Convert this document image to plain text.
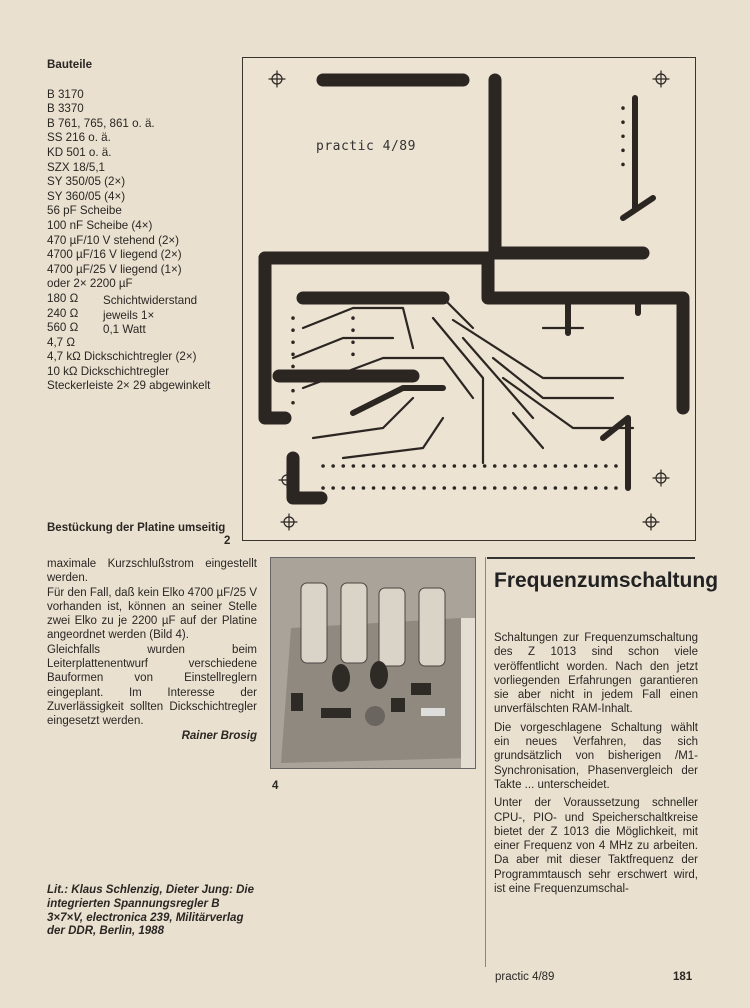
Bauteile
B 3170
B 3370
B 761, 765, 861 o. ä.
SS 216 o. ä.
KD 501 o. ä.
SZX 18/5,1
SY 350/05 (2×)
SY 360/05 (4×)
56 pF Scheibe
100 nF Scheibe (4×)
470 µF/10 V stehend (2×)
4700 µF/16 V liegend (2×)
4700 µF/25 V liegend (1×)
oder 2× 2200 µF
180 Ω
240 Ω
560 Ω
4,7 Ω
Schichtwiderstand
jeweils 1×
0,1 Watt
4,7 kΩ Dickschichtregler (2×)
10 kΩ Dickschichtregler
Steckerleiste 2× 29 abgewinkelt
practic 4/89
Bestückung der Platine umseitig
2
maximale Kurzschlußstrom eingestellt werden.
Für den Fall, daß kein Elko 4700 µF/25 V vorhanden ist, können an seiner Stelle zwei Elko zu je 2200 µF auf der Platine angeordnet werden (Bild 4).
Gleichfalls wurden beim Leiterplattenentwurf verschiedene Bauformen von Einstellreglern eingeplant. Im Interesse der Zuverlässigkeit sollten Dickschichtregler eingesetzt werden.
Rainer Brosig
4
Frequenzumschaltung

Schaltungen zur Frequenzumschaltung des Z 1013 sind schon viele veröffentlicht worden. Nach den jetzt vorliegenden Erfahrungen garantieren sie aber nicht in jedem Fall einen unverfälschten RAM-Inhalt.

Die vorgeschlagene Schaltung wählt ein neues Verfahren, das sich grundsätzlich von bisherigen /M1-Synchronisation, Phasenvergleich der Takte ... unterscheidet.

Unter der Voraussetzung schneller CPU-, PIO- und Speicherschaltkreise bietet der Z 1013 die Möglichkeit, mit einer Frequenz von 4 MHz zu arbeiten. Da aber mit dieser Taktfrequenz der Programmtausch sehr erschwert wird, ist eine Frequenzumschal-

Lit.: Klaus Schlenzig, Dieter Jung: Die integrierten Spannungsregler B 3×7×V, electronica 239, Militärverlag der DDR, Berlin, 1988
practic 4/89	181
